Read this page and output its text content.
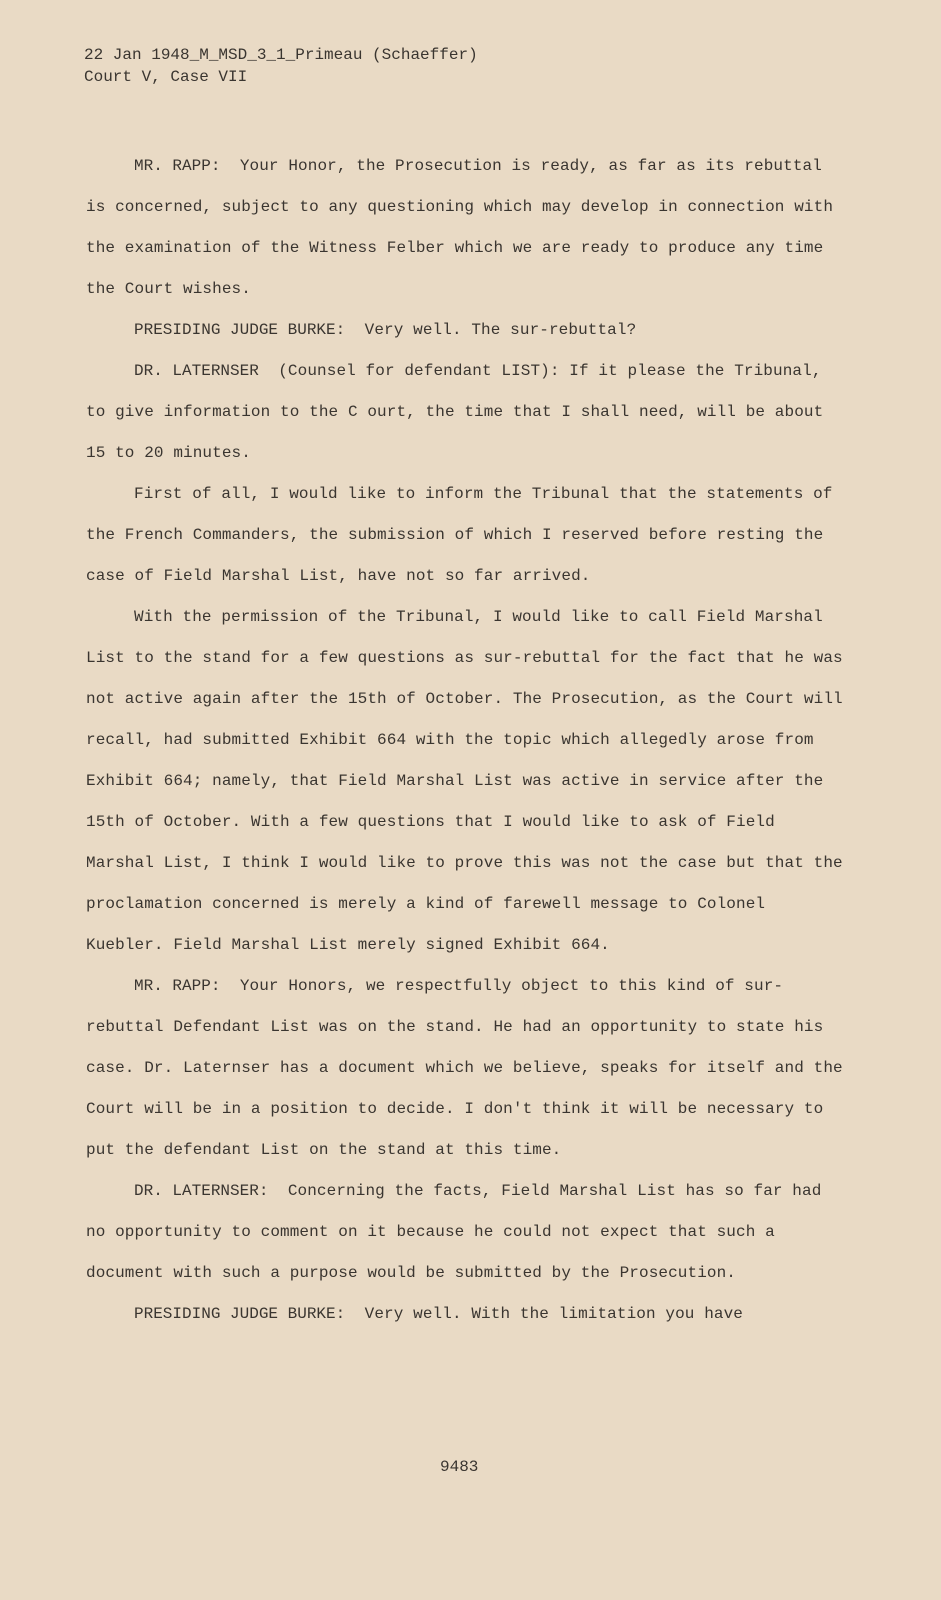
22 Jan 1948_M_MSD_3_1_Primeau (Schaeffer)
Court V, Case VII

MR. RAPP: Your Honor, the Prosecution is ready, as far as its rebuttal is concerned, subject to any questioning which may develop in connection with the examination of the Witness Felber which we are ready to produce any time the Court wishes.

PRESIDING JUDGE BURKE: Very well. The sur-rebuttal?

DR. LATERNSER (Counsel for defendant LIST): If it please the Tribunal, to give information to the C ourt, the time that I shall need, will be about 15 to 20 minutes.

First of all, I would like to inform the Tribunal that the statements of the French Commanders, the submission of which I reserved before resting the case of Field Marshal List, have not so far arrived.

With the permission of the Tribunal, I would like to call Field Marshal List to the stand for a few questions as sur-rebuttal for the fact that he was not active again after the 15th of October. The Prosecution, as the Court will recall, had submitted Exhibit 664 with the topic which allegedly arose from Exhibit 664; namely, that Field Marshal List was active in service after the 15th of October. With a few questions that I would like to ask of Field Marshal List, I think I would like to prove this was not the case but that the proclamation concerned is merely a kind of farewell message to Colonel Kuebler. Field Marshal List merely signed Exhibit 664.

MR. RAPP: Your Honors, we respectfully object to this kind of sur-rebuttal Defendant List was on the stand. He had an opportunity to state his case. Dr. Laternser has a document which we believe, speaks for itself and the Court will be in a position to decide. I don't think it will be necessary to put the defendant List on the stand at this time.

DR. LATERNSER: Concerning the facts, Field Marshal List has so far had no opportunity to comment on it because he could not expect that such a document with such a purpose would be submitted by the Prosecution.

PRESIDING JUDGE BURKE: Very well. With the limitation you have

9483
